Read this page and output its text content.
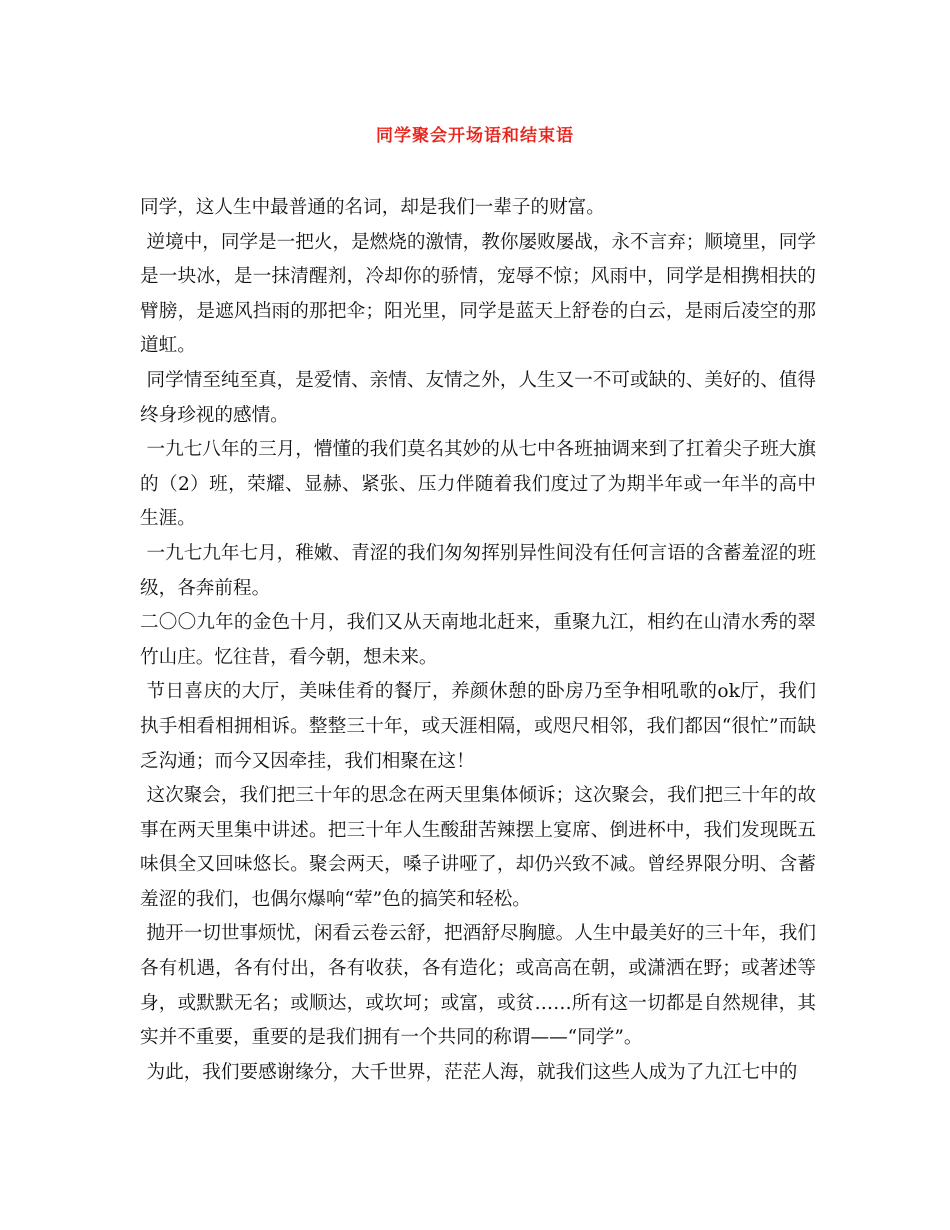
同学聚会开场语和结束语

同学，这人生中最普通的名词，却是我们一辈子的财富。

逆境中，同学是一把火，是燃烧的激情，教你屡败屡战，永不言弃；顺境里，同学是一块冰，是一抹清醒剂，冷却你的骄情，宠辱不惊；风雨中，同学是相携相扶的臂膀，是遮风挡雨的那把伞；阳光里，同学是蓝天上舒卷的白云，是雨后凌空的那道虹。

同学情至纯至真，是爱情、亲情、友情之外，人生又一不可或缺的、美好的、值得终身珍视的感情。

一九七八年的三月，懵懂的我们莫名其妙的从七中各班抽调来到了扛着尖子班大旗的（2）班，荣耀、显赫、紧张、压力伴随着我们度过了为期半年或一年半的高中生涯。

一九七九年七月，稚嫩、青涩的我们匆匆挥别异性间没有任何言语的含蓄羞涩的班级，各奔前程。

二〇〇九年的金色十月，我们又从天南地北赶来，重聚九江，相约在山清水秀的翠竹山庄。忆往昔，看今朝，想未来。

节日喜庆的大厅，美味佳肴的餐厅，养颜休憩的卧房乃至争相吼歌的ok厅，我们执手相看相拥相诉。整整三十年，或天涯相隔，或咫尺相邻，我们都因“很忙”而缺乏沟通；而今又因牵挂，我们相聚在这！

这次聚会，我们把三十年的思念在两天里集体倾诉；这次聚会，我们把三十年的故事在两天里集中讲述。把三十年人生酸甜苦辣摆上宴席、倒进杯中，我们发现既五味俱全又回味悠长。聚会两天，嗓子讲哑了，却仍兴致不减。曾经界限分明、含蓄羞涩的我们，也偶尔爆响“荤”色的搞笑和轻松。

抛开一切世事烦忧，闲看云卷云舒，把酒舒尽胸臆。人生中最美好的三十年，我们各有机遇，各有付出，各有收获，各有造化；或高高在朝，或潇洒在野；或著述等身，或默默无名；或顺达，或坎坷；或富，或贫……所有这一切都是自然规律，其实并不重要，重要的是我们拥有一个共同的称谓——“同学”。

为此，我们要感谢缘分，大千世界，茫茫人海，就我们这些人成为了九江七中的
